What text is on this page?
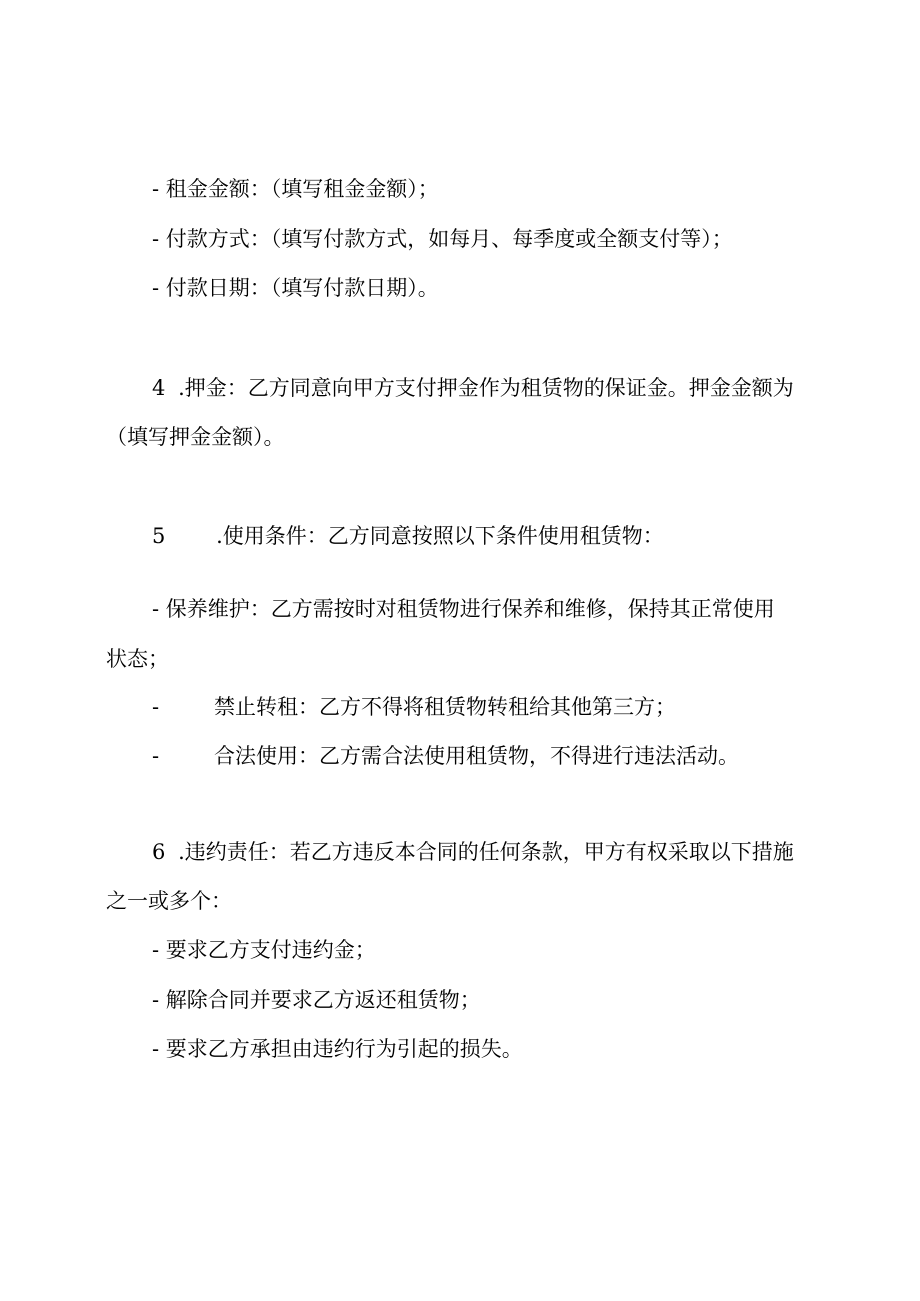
- 租金金额：（填写租金金额）；
- 付款方式：（填写付款方式，如每月、每季度或全额支付等）；
- 付款日期：（填写付款日期）。
4 .押金：乙方同意向甲方支付押金作为租赁物的保证金。押金金额为
（填写押金金额）。
5 .使用条件：乙方同意按照以下条件使用租赁物：
- 保养维护：乙方需按时对租赁物进行保养和维修，保持其正常使用
状态；
-	禁止转租：乙方不得将租赁物转租给其他第三方；
-	合法使用：乙方需合法使用租赁物，不得进行违法活动。
6 .违约责任：若乙方违反本合同的任何条款，甲方有权采取以下措施
之一或多个：
- 要求乙方支付违约金；
- 解除合同并要求乙方返还租赁物；
- 要求乙方承担由违约行为引起的损失。
